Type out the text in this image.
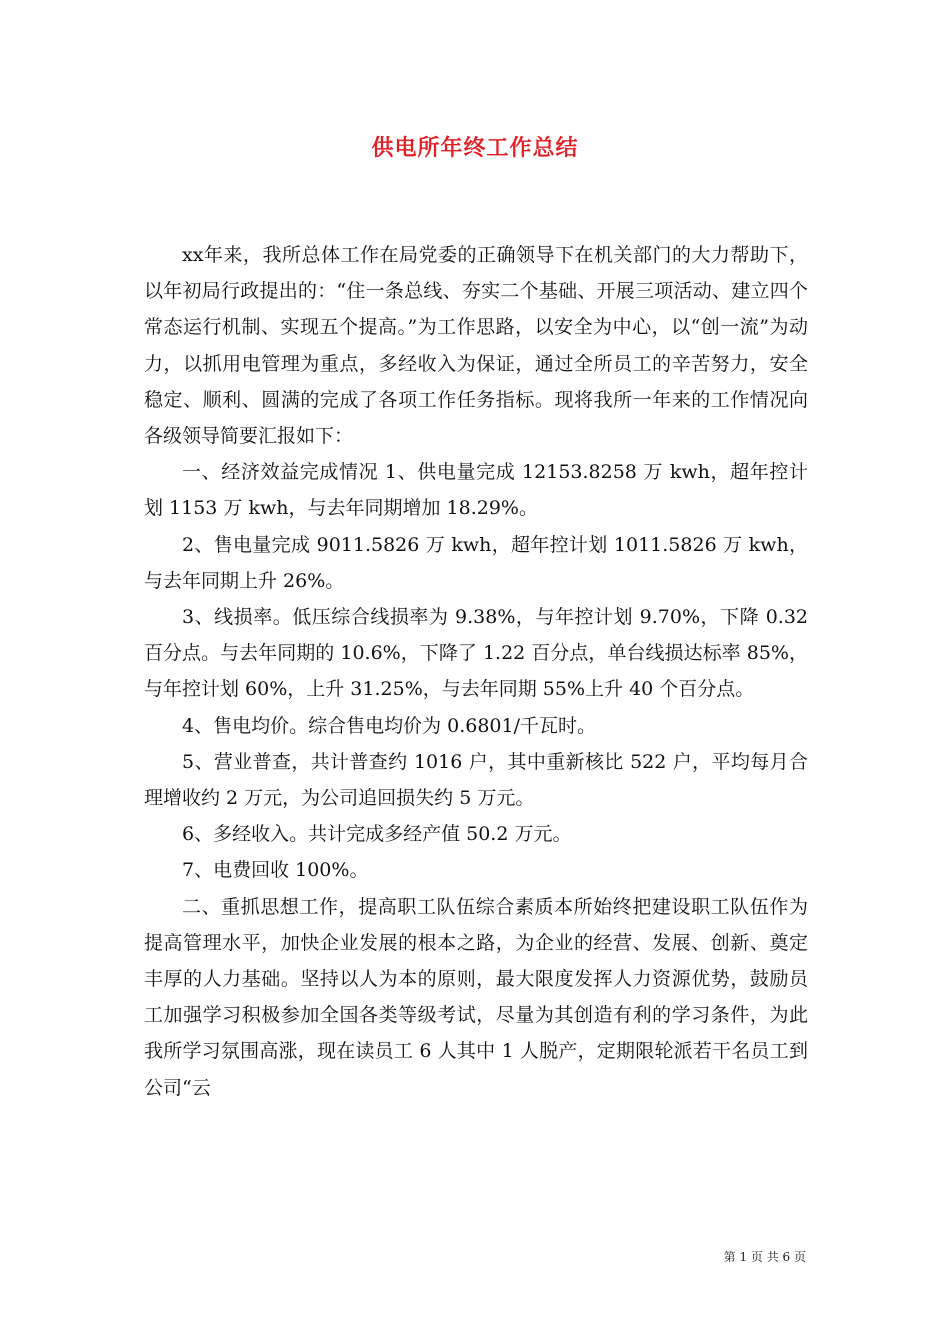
供电所年终工作总结

xx年来，我所总体工作在局党委的正确领导下在机关部门的大力帮助下，以年初局行政提出的：“住一条总线、夯实二个基础、开展三项活动、建立四个常态运行机制、实现五个提高。”为工作思路，以安全为中心，以“创一流”为动力，以抓用电管理为重点，多经收入为保证，通过全所员工的辛苦努力，安全稳定、顺利、圆满的完成了各项工作任务指标。现将我所一年来的工作情况向各级领导简要汇报如下：

一、经济效益完成情况 1、供电量完成 12153.8258 万 kwh，超年控计划 1153 万 kwh，与去年同期增加 18.29%。

2、售电量完成 9011.5826 万 kwh，超年控计划 1011.5826 万 kwh，与去年同期上升 26%。

3、线损率。低压综合线损率为 9.38%，与年控计划 9.70%，下降 0.32 百分点。与去年同期的 10.6%，下降了 1.22 百分点，单台线损达标率 85%，与年控计划 60%，上升 31.25%，与去年同期 55%上升 40 个百分点。

4、售电均价。综合售电均价为 0.6801/千瓦时。

5、营业普查，共计普查约 1016 户，其中重新核比 522 户，平均每月合理增收约 2 万元，为公司追回损失约 5 万元。

6、多经收入。共计完成多经产值 50.2 万元。

7、电费回收 100%。

二、重抓思想工作，提高职工队伍综合素质本所始终把建设职工队伍作为提高管理水平，加快企业发展的根本之路，为企业的经营、发展、创新、奠定丰厚的人力基础。坚持以人为本的原则，最大限度发挥人力资源优势，鼓励员工加强学习积极参加全国各类等级考试，尽量为其创造有利的学习条件，为此我所学习氛围高涨，现在读员工 6 人其中 1 人脱产，定期限轮派若干名员工到公司“云

第 1 页 共 6 页
